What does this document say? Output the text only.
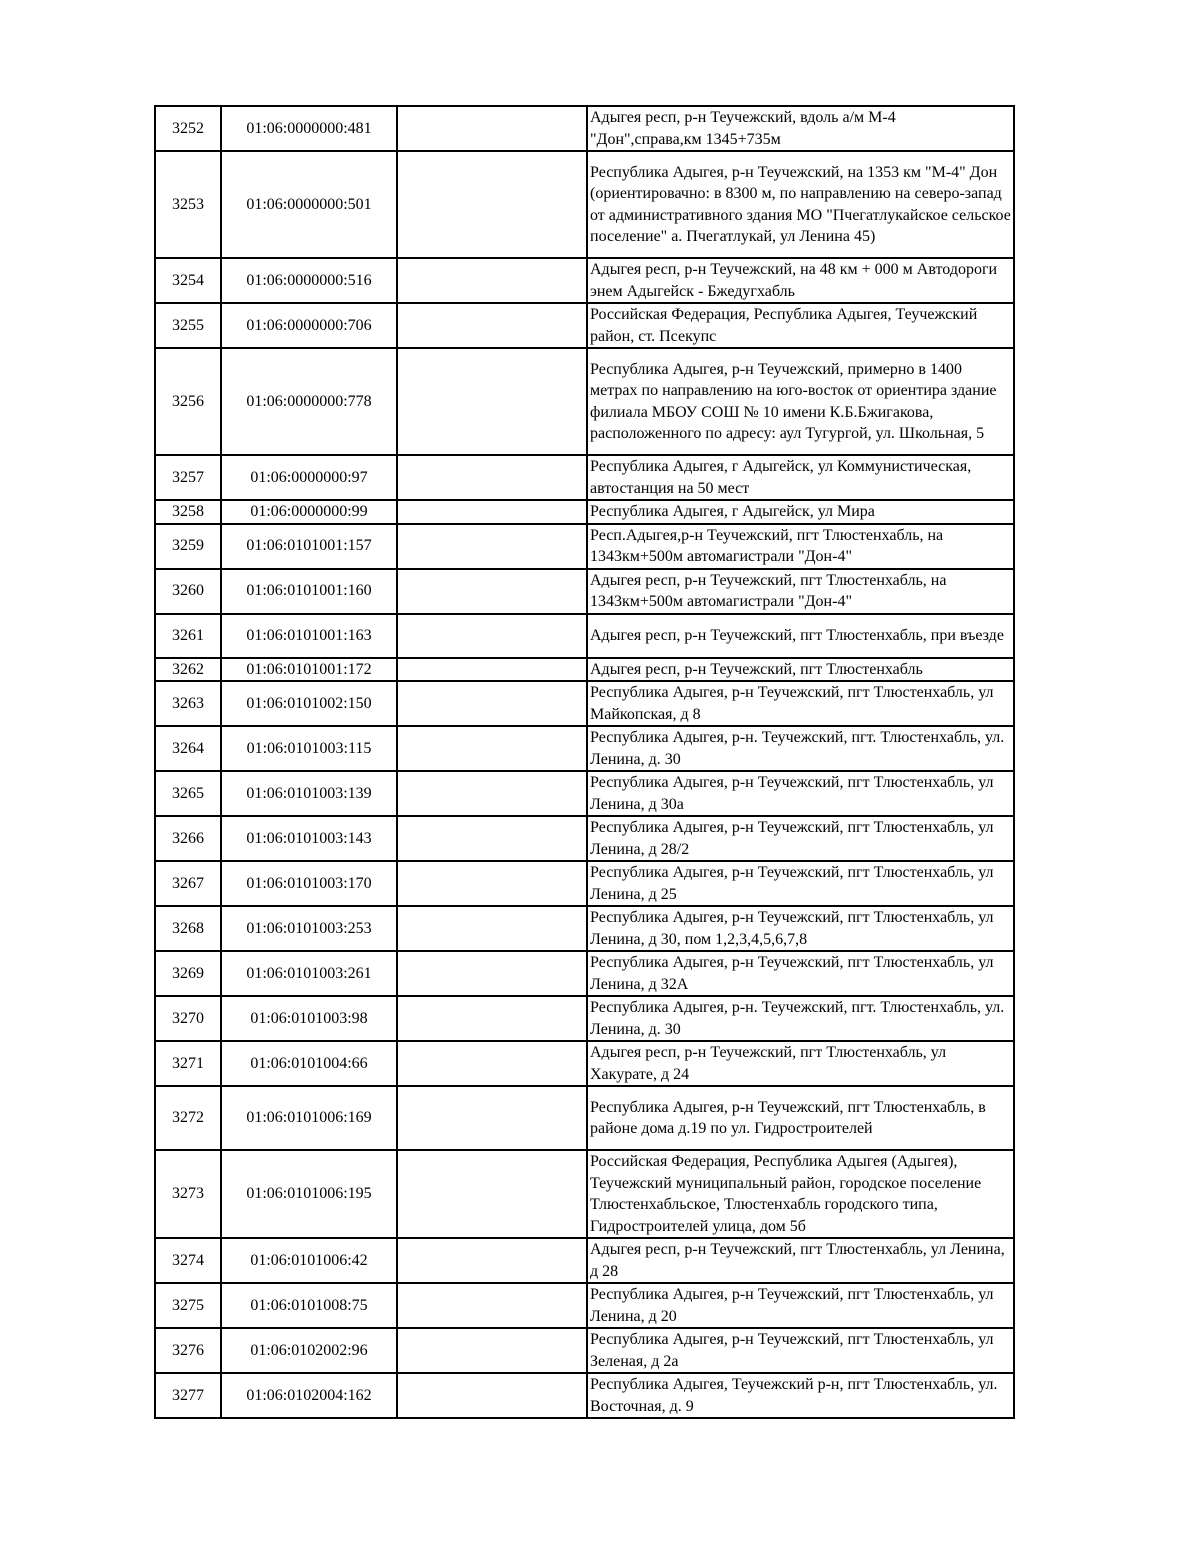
3252	01:06:0000000:481		Адыгея респ, р-н Теучежский, вдоль а/м М-4 "Дон",справа,км 1345+735м
3253	01:06:0000000:501		Республика Адыгея, р-н Теучежский, на 1353 км "М-4" Дон (ориентировачно: в 8300 м, по направлению на северо-запад от административного здания МО "Пчегатлукайское сельское поселение" а. Пчегатлукай, ул Ленина 45)
3254	01:06:0000000:516		Адыгея респ, р-н Теучежский, на 48 км + 000 м Автодороги энем Адыгейск - Бжедугхабль
3255	01:06:0000000:706		Российская Федерация, Республика Адыгея, Теучежский район, ст. Псекупс
3256	01:06:0000000:778		Республика Адыгея, р-н Теучежский, примерно в 1400 метрах по направлению на юго-восток от ориентира здание филиала МБОУ СОШ № 10 имени К.Б.Бжигакова, расположенного по адресу: аул Тугургой, ул. Школьная, 5
3257	01:06:0000000:97		Республика Адыгея, г Адыгейск, ул Коммунистическая, автостанция на 50 мест
3258	01:06:0000000:99		Республика Адыгея, г Адыгейск, ул Мира
3259	01:06:0101001:157		Респ.Адыгея,р-н Теучежский, пгт Тлюстенхабль, на 1343км+500м автомагистрали "Дон-4"
3260	01:06:0101001:160		Адыгея респ, р-н Теучежский, пгт Тлюстенхабль, на 1343км+500м автомагистрали "Дон-4"
3261	01:06:0101001:163		Адыгея респ, р-н Теучежский, пгт Тлюстенхабль, при въезде
3262	01:06:0101001:172		Адыгея респ, р-н Теучежский, пгт Тлюстенхабль
3263	01:06:0101002:150		Республика Адыгея, р-н Теучежский, пгт Тлюстенхабль, ул Майкопская, д 8
3264	01:06:0101003:115		Республика Адыгея, р-н. Теучежский, пгт. Тлюстенхабль, ул. Ленина, д. 30
3265	01:06:0101003:139		Республика Адыгея, р-н Теучежский, пгт Тлюстенхабль, ул Ленина, д 30а
3266	01:06:0101003:143		Республика Адыгея, р-н Теучежский, пгт Тлюстенхабль, ул Ленина, д 28/2
3267	01:06:0101003:170		Республика Адыгея, р-н Теучежский, пгт Тлюстенхабль, ул Ленина, д 25
3268	01:06:0101003:253		Республика Адыгея, р-н Теучежский, пгт Тлюстенхабль, ул Ленина, д 30, пом 1,2,3,4,5,6,7,8
3269	01:06:0101003:261		Республика Адыгея, р-н Теучежский, пгт Тлюстенхабль, ул Ленина, д 32А
3270	01:06:0101003:98		Республика Адыгея, р-н. Теучежский, пгт. Тлюстенхабль, ул. Ленина, д. 30
3271	01:06:0101004:66		Адыгея респ, р-н Теучежский, пгт Тлюстенхабль, ул Хакурате, д 24
3272	01:06:0101006:169		Республика Адыгея, р-н Теучежский, пгт Тлюстенхабль, в районе дома д.19 по ул. Гидростроителей
3273	01:06:0101006:195		Российская Федерация, Республика Адыгея (Адыгея), Теучежский муниципальный район, городское поселение Тлюстенхабльское, Тлюстенхабль городского типа, Гидростроителей улица, дом 5б
3274	01:06:0101006:42		Адыгея респ, р-н Теучежский, пгт Тлюстенхабль, ул Ленина, д 28
3275	01:06:0101008:75		Республика Адыгея, р-н Теучежский, пгт Тлюстенхабль, ул Ленина, д 20
3276	01:06:0102002:96		Республика Адыгея, р-н Теучежский, пгт Тлюстенхабль, ул Зеленая, д 2а
3277	01:06:0102004:162		Республика Адыгея, Теучежский р-н, пгт Тлюстенхабль, ул. Восточная, д. 9
